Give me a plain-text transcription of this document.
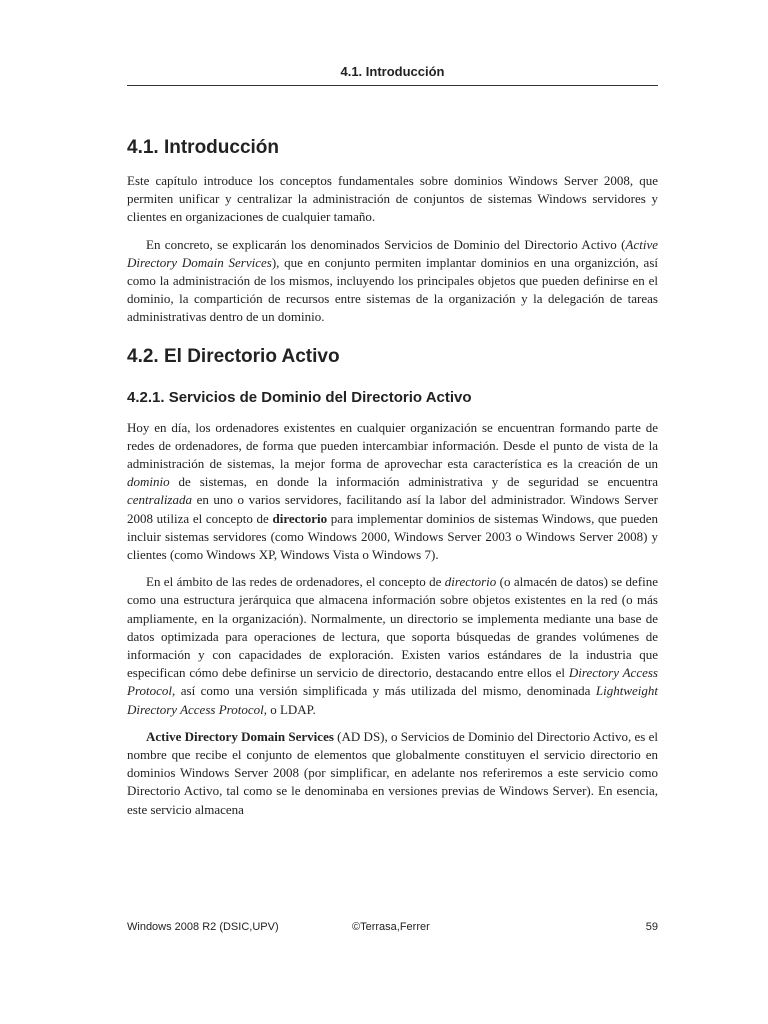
4.1. Introducción
4.1. Introducción

Este capítulo introduce los conceptos fundamentales sobre dominios Windows Server 2008, que permiten unificar y centralizar la administración de conjuntos de sistemas Windows servidores y clientes en organizaciones de cualquier tamaño.

En concreto, se explicarán los denominados Servicios de Dominio del Directorio Activo (Active Directory Domain Services), que en conjunto permiten implantar dominios en una organizción, así como la administración de los mismos, incluyendo los principales objetos que pueden definirse en el dominio, la compartición de recursos entre sistemas de la organización y la delegación de tareas administrativas dentro de un dominio.

4.2. El Directorio Activo
4.2.1. Servicios de Dominio del Directorio Activo

Hoy en día, los ordenadores existentes en cualquier organización se encuentran formando parte de redes de ordenadores, de forma que pueden intercambiar información. Desde el punto de vista de la administración de sistemas, la mejor forma de aprovechar esta característica es la creación de un dominio de sistemas, en donde la información administrativa y de seguridad se encuentra centralizada en uno o varios servidores, facilitando así la labor del administrador. Windows Server 2008 utiliza el concepto de directorio para implementar dominios de sistemas Windows, que pueden incluir sistemas servidores (como Windows 2000, Windows Server 2003 o Windows Server 2008) y clientes (como Windows XP, Windows Vista o Windows 7).

En el ámbito de las redes de ordenadores, el concepto de directorio (o almacén de datos) se define como una estructura jerárquica que almacena información sobre objetos existentes en la red (o más ampliamente, en la organización). Normalmente, un directorio se implementa mediante una base de datos optimizada para operaciones de lectura, que soporta búsquedas de grandes volúmenes de información y con capacidades de exploración. Existen varios estándares de la industria que especifican cómo debe definirse un servicio de directorio, destacando entre ellos el Directory Access Protocol, así como una versión simplificada y más utilizada del mismo, denominada Lightweight Directory Access Protocol, o LDAP.

Active Directory Domain Services (AD DS), o Servicios de Dominio del Directorio Activo, es el nombre que recibe el conjunto de elementos que globalmente constituyen el servicio directorio en dominios Windows Server 2008 (por simplificar, en adelante nos referiremos a este servicio como Directorio Activo, tal como se le denominaba en versiones previas de Windows Server). En esencia, este servicio almacena

Windows 2008 R2 (DSIC,UPV)	©Terrasa,Ferrer	59
